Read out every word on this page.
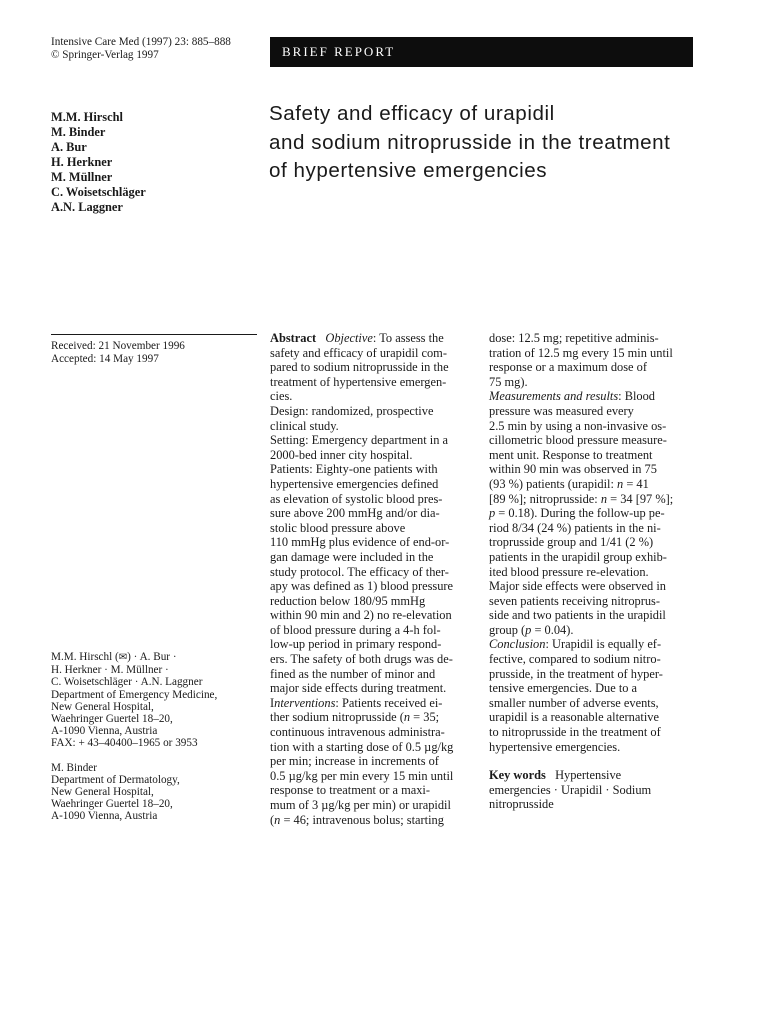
Intensive Care Med (1997) 23: 885–888
© Springer-Verlag 1997	BRIEF REPORT
M.M. Hirschl
M. Binder
A. Bur
H. Herkner
M. Müllner
C. Woisetschläger
A.N. Laggner
Safety and efficacy of urapidil
and sodium nitroprusside in the treatment
of hypertensive emergencies
Received: 21 November 1996
Accepted: 14 May 1997
M.M. Hirschl (✉) · A. Bur ·
H. Herkner · M. Müllner ·
C. Woisetschläger · A.N. Laggner
Department of Emergency Medicine,
New General Hospital,
Waehringer Guertel 18–20,
A-1090 Vienna, Austria
FAX: + 43–40400–1965 or 3953
M. Binder
Department of Dermatology,
New General Hospital,
Waehringer Guertel 18–20,
A-1090 Vienna, Austria
Abstract Objective: To assess the
safety and efficacy of urapidil com-
pared to sodium nitroprusside in the
treatment of hypertensive emergen-
cies.
Design: randomized, prospective
clinical study.
Setting: Emergency department in a
2000-bed inner city hospital.
Patients: Eighty-one patients with
hypertensive emergencies defined
as elevation of systolic blood pres-
sure above 200 mmHg and/or dia-
stolic blood pressure above
110 mmHg plus evidence of end-or-
gan damage were included in the
study protocol. The efficacy of ther-
apy was defined as 1) blood pressure
reduction below 180/95 mmHg
within 90 min and 2) no re-elevation
of blood pressure during a 4-h fol-
low-up period in primary respond-
ers. The safety of both drugs was de-
fined as the number of minor and
major side effects during treatment.
Interventions: Patients received ei-
ther sodium nitroprusside (n = 35;
continuous intravenous administra-
tion with a starting dose of 0.5 µg/kg
per min; increase in increments of
0.5 µg/kg per min every 15 min until
response to treatment or a maxi-
mum of 3 µg/kg per min) or urapidil
(n = 46; intravenous bolus; starting
dose: 12.5 mg; repetitive adminis-
tration of 12.5 mg every 15 min until
response or a maximum dose of
75 mg).
Measurements and results: Blood
pressure was measured every
2.5 min by using a non-invasive os-
cillometric blood pressure measure-
ment unit. Response to treatment
within 90 min was observed in 75
(93 %) patients (urapidil: n = 41
[89 %]; nitroprusside: n = 34 [97 %];
p = 0.18). During the follow-up pe-
riod 8/34 (24 %) patients in the ni-
troprusside group and 1/41 (2 %)
patients in the urapidil group exhib-
ited blood pressure re-elevation.
Major side effects were observed in
seven patients receiving nitroprus-
side and two patients in the urapidil
group (p = 0.04).
Conclusion: Urapidil is equally ef-
fective, compared to sodium nitro-
prusside, in the treatment of hyper-
tensive emergencies. Due to a
smaller number of adverse events,
urapidil is a reasonable alternative
to nitroprusside in the treatment of
hypertensive emergencies.
Key words Hypertensive
emergencies · Urapidil · Sodium
nitroprusside
